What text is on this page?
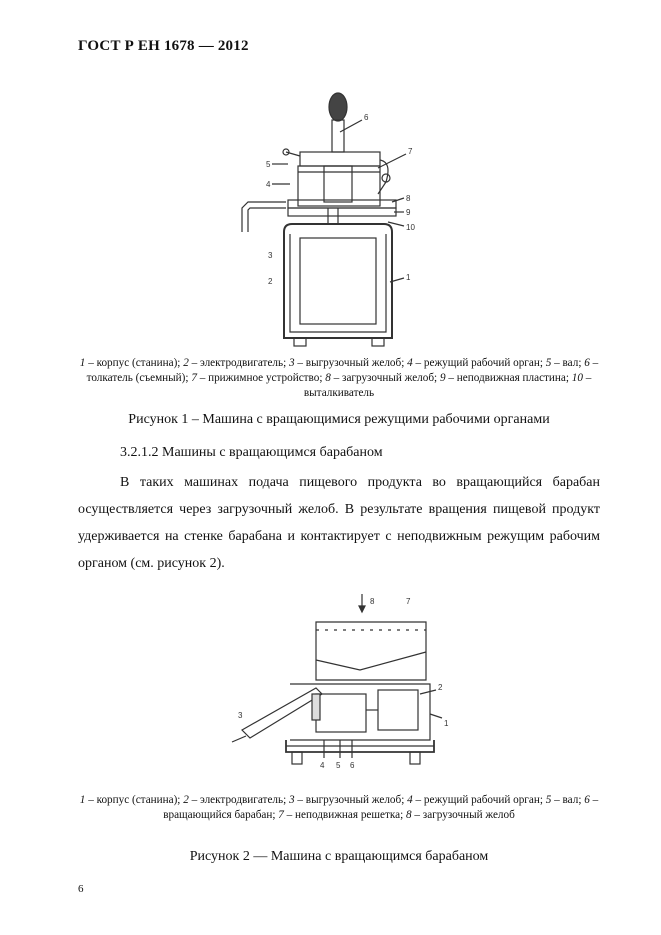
ГОСТ Р ЕН 1678 — 2012
1
2
3
4
5
6
7
8
9
10
1 – корпус (станина); 2 – электродвигатель; 3 – выгрузочный желоб; 4 – режущий рабочий орган; 5 – вал; 6 – толкатель (съемный); 7 – прижимное устройство; 8 – загрузочный желоб; 9 – неподвижная пластина; 10 – выталкиватель
Рисунок 1 – Машина с вращающимися режущими рабочими органами
3.2.1.2 Машины с вращающимся барабаном
В таких машинах подача пищевого продукта во вращающийся барабан осуществляется через загрузочный желоб. В результате вращения пищевой продукт удерживается на стенке барабана и контактирует с неподвижным режущим рабочим органом (см. рисунок 2).
1
2
3
4 5 6
7
8
1 – корпус (станина); 2 – электродвигатель; 3 – выгрузочный желоб; 4 – режущий рабочий орган; 5 – вал; 6 – вращающийся барабан; 7 – неподвижная решетка; 8 – загрузочный желоб
Рисунок 2 — Машина с вращающимся барабаном
6
